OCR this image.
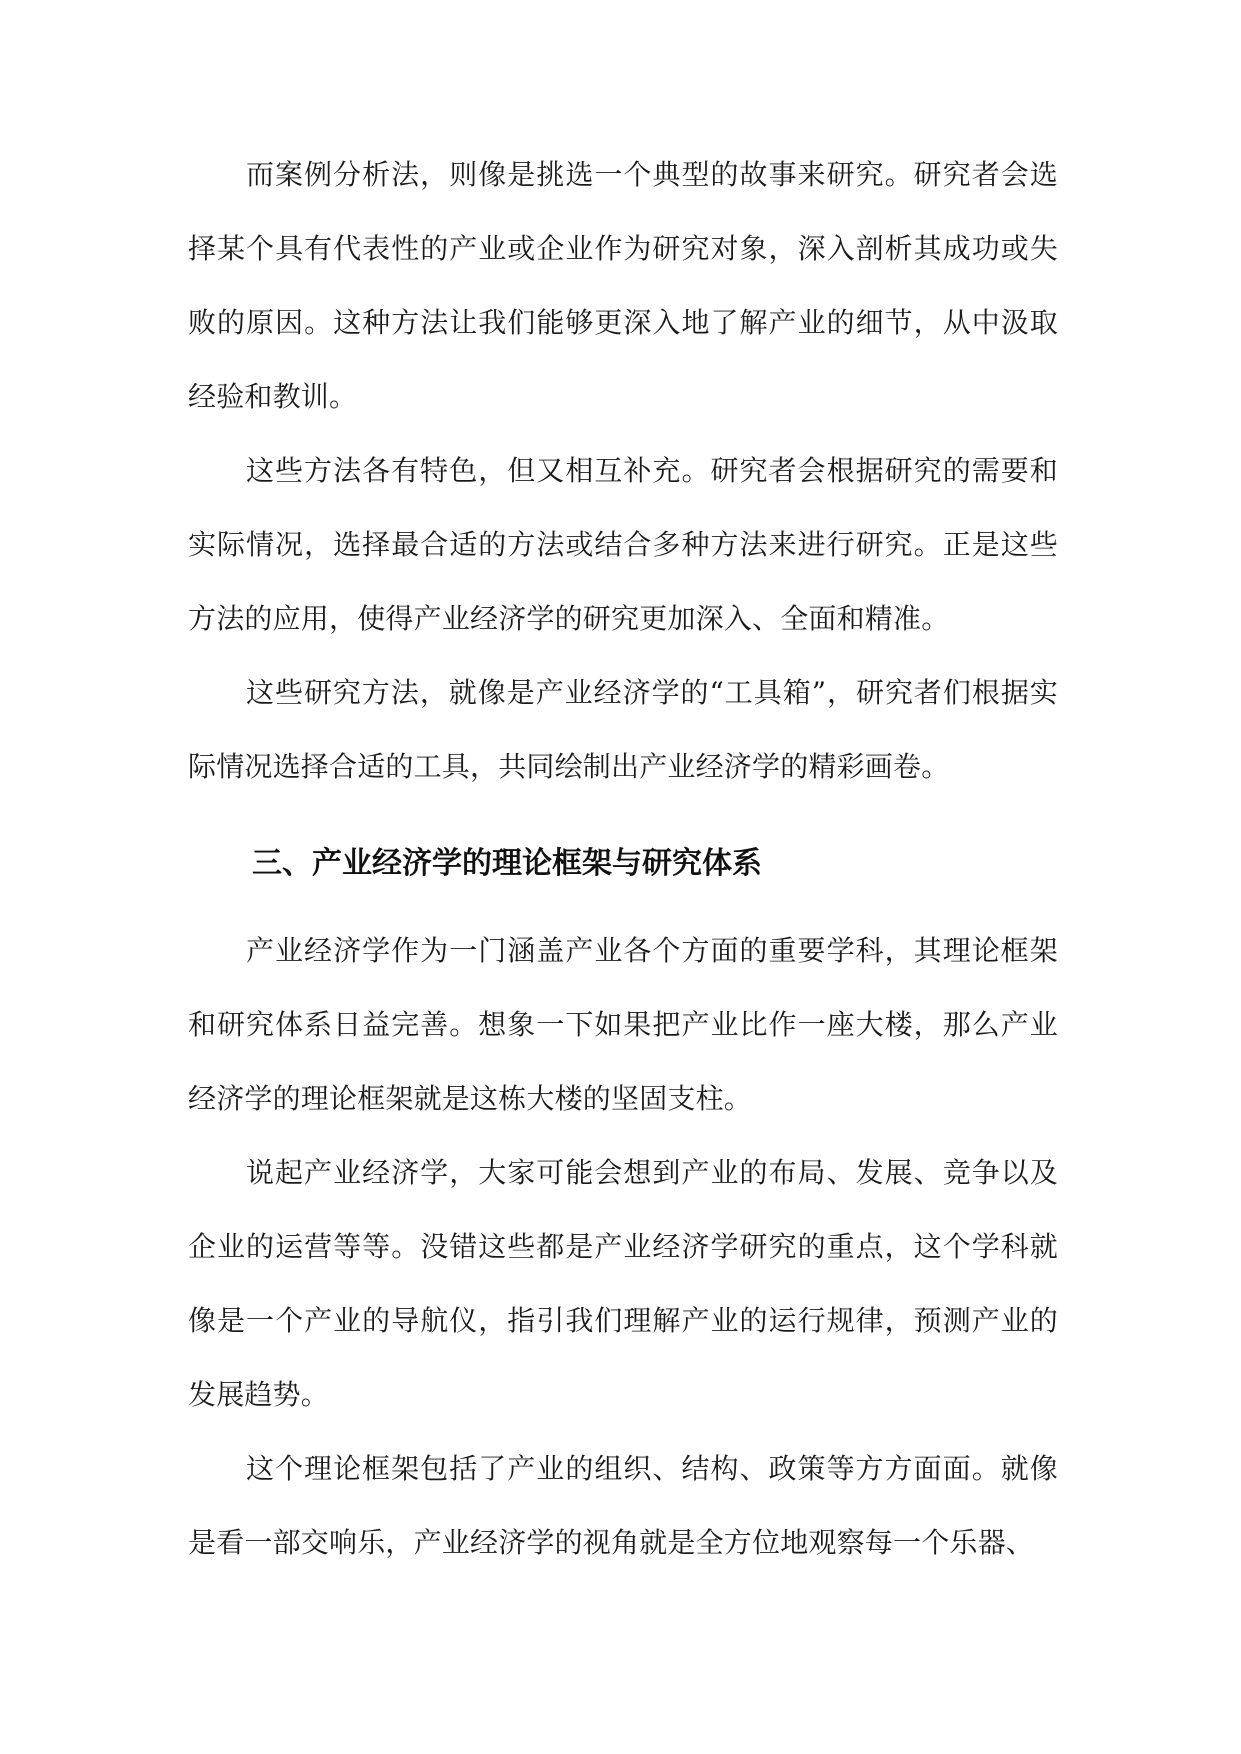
而案例分析法，则像是挑选一个典型的故事来研究。研究者会选择某个具有代表性的产业或企业作为研究对象，深入剖析其成功或失败的原因。这种方法让我们能够更深入地了解产业的细节，从中汲取经验和教训。

这些方法各有特色，但又相互补充。研究者会根据研究的需要和实际情况，选择最合适的方法或结合多种方法来进行研究。正是这些方法的应用，使得产业经济学的研究更加深入、全面和精准。

这些研究方法，就像是产业经济学的“工具箱”，研究者们根据实际情况选择合适的工具，共同绘制出产业经济学的精彩画卷。

三、产业经济学的理论框架与研究体系

产业经济学作为一门涵盖产业各个方面的重要学科，其理论框架和研究体系日益完善。想象一下如果把产业比作一座大楼，那么产业经济学的理论框架就是这栋大楼的坚固支柱。

说起产业经济学，大家可能会想到产业的布局、发展、竞争以及企业的运营等等。没错这些都是产业经济学研究的重点，这个学科就像是一个产业的导航仪，指引我们理解产业的运行规律，预测产业的发展趋势。

这个理论框架包括了产业的组织、结构、政策等方方面面。就像是看一部交响乐，产业经济学的视角就是全方位地观察每一个乐器、
